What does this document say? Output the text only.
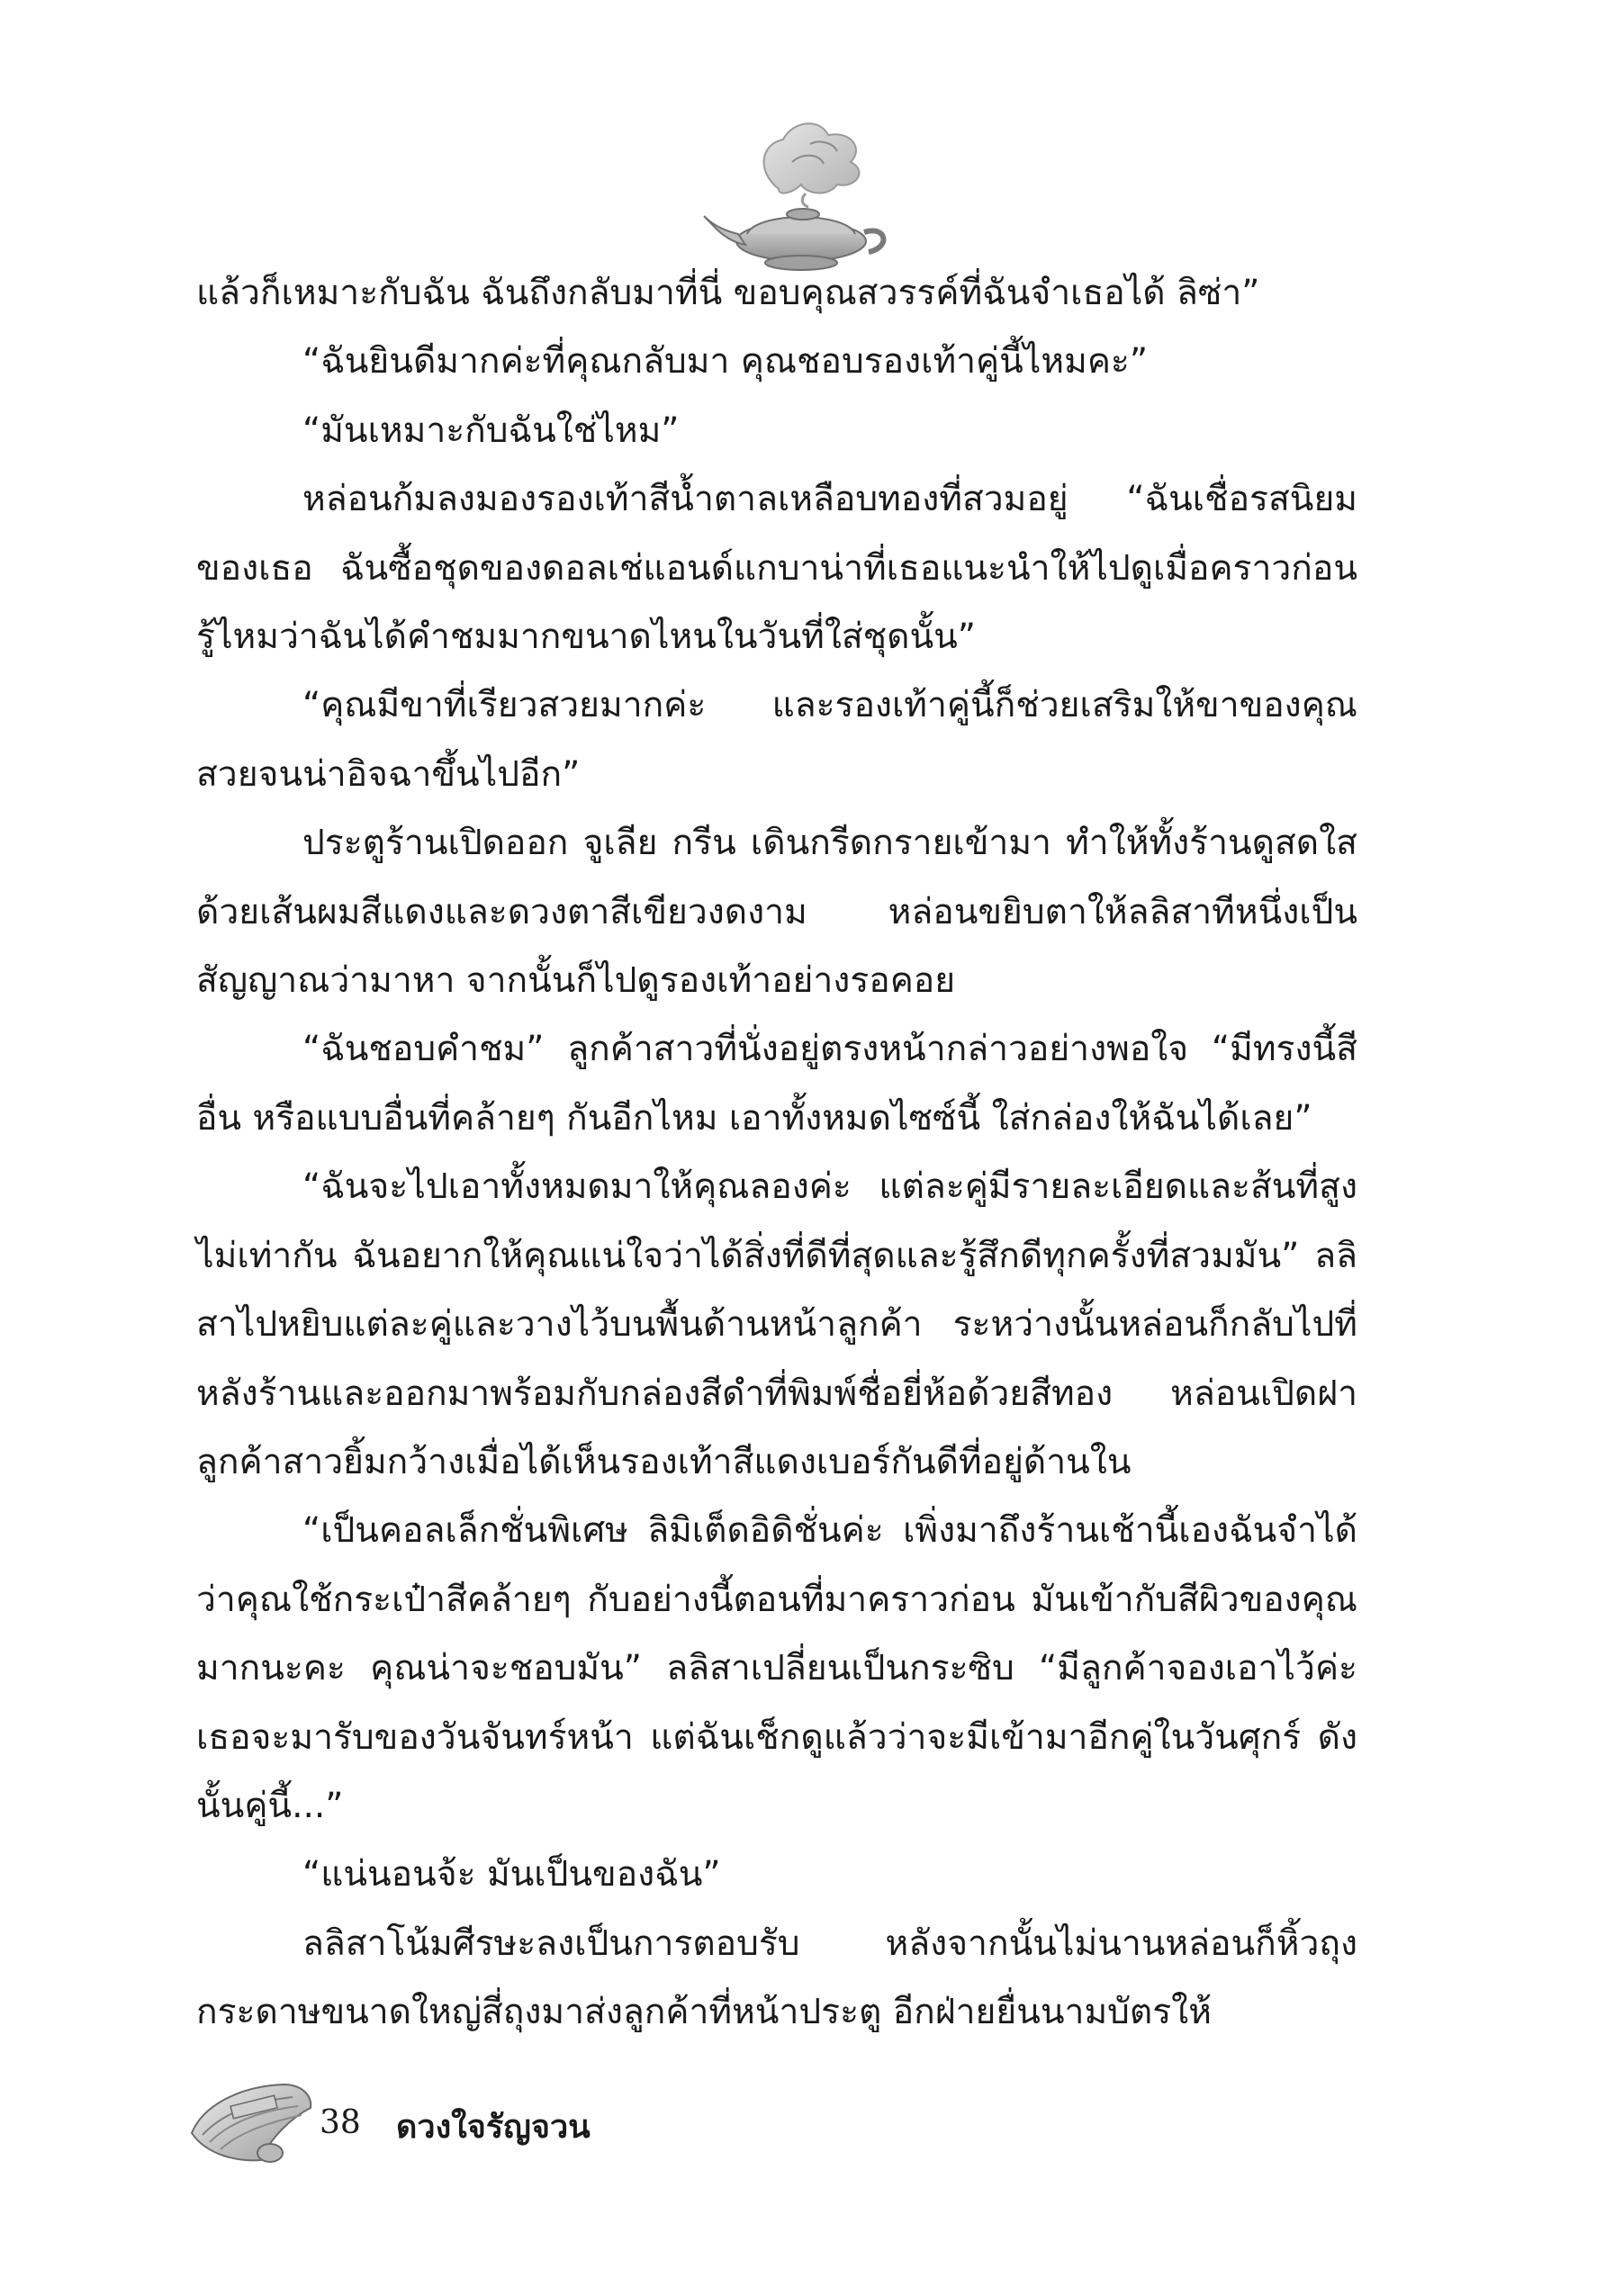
แล้วก็เหมาะกับฉัน ฉันถึงกลับมาที่นี่ ขอบคุณสวรรค์ที่ฉันจำเธอได้ ลิซ่า”

“ฉันยินดีมากค่ะที่คุณกลับมา คุณชอบรองเท้าคู่นี้ไหมคะ”

“มันเหมาะกับฉันใช่ไหม”

หล่อนก้มลงมองรองเท้าสีน้ำตาลเหลือบทองที่สวมอยู่ “ฉันเชื่อรสนิยมของเธอ ฉันซื้อชุดของดอลเช่แอนด์แกบาน่าที่เธอแนะนำให้ไปดูเมื่อคราวก่อน รู้ไหมว่าฉันได้คำชมมากขนาดไหนในวันที่ใส่ชุดนั้น”

“คุณมีขาที่เรียวสวยมากค่ะ และรองเท้าคู่นี้ก็ช่วยเสริมให้ขาของคุณสวยจนน่าอิจฉาขึ้นไปอีก”

ประตูร้านเปิดออก จูเลีย กรีน เดินกรีดกรายเข้ามา ทำให้ทั้งร้านดูสดใสด้วยเส้นผมสีแดงและดวงตาสีเขียวงดงาม หล่อนขยิบตาให้ลลิสาทีหนึ่งเป็นสัญญาณว่ามาหา จากนั้นก็ไปดูรองเท้าอย่างรอคอย

“ฉันชอบคำชม” ลูกค้าสาวที่นั่งอยู่ตรงหน้ากล่าวอย่างพอใจ “มีทรงนี้สีอื่น หรือแบบอื่นที่คล้ายๆ กันอีกไหม เอาทั้งหมดไซซ์นี้ ใส่กล่องให้ฉันได้เลย”

“ฉันจะไปเอาทั้งหมดมาให้คุณลองค่ะ แต่ละคู่มีรายละเอียดและส้นที่สูงไม่เท่ากัน ฉันอยากให้คุณแน่ใจว่าได้สิ่งที่ดีที่สุดและรู้สึกดีทุกครั้งที่สวมมัน” ลลิสาไปหยิบแต่ละคู่และวางไว้บนพื้นด้านหน้าลูกค้า ระหว่างนั้นหล่อนก็กลับไปที่หลังร้านและออกมาพร้อมกับกล่องสีดำที่พิมพ์ชื่อยี่ห้อด้วยสีทอง หล่อนเปิดฝา ลูกค้าสาวยิ้มกว้างเมื่อได้เห็นรองเท้าสีแดงเบอร์กันดีที่อยู่ด้านใน

“เป็นคอลเล็กชั่นพิเศษ ลิมิเต็ดอิดิชั่นค่ะ เพิ่งมาถึงร้านเช้านี้เองฉันจำได้ว่าคุณใช้กระเป๋าสีคล้ายๆ กับอย่างนี้ตอนที่มาคราวก่อน มันเข้ากับสีผิวของคุณมากนะคะ คุณน่าจะชอบมัน” ลลิสาเปลี่ยนเป็นกระซิบ “มีลูกค้าจองเอาไว้ค่ะ เธอจะมารับของวันจันทร์หน้า แต่ฉันเช็กดูแล้วว่าจะมีเข้ามาอีกคู่ในวันศุกร์ ดังนั้นคู่นี้...”

“แน่นอนจ้ะ มันเป็นของฉัน”

ลลิสาโน้มศีรษะลงเป็นการตอบรับ หลังจากนั้นไม่นานหล่อนก็หิ้วถุงกระดาษขนาดใหญ่สี่ถุงมาส่งลูกค้าที่หน้าประตู อีกฝ่ายยื่นนามบัตรให้

38 ดวงใจรัญจวน
